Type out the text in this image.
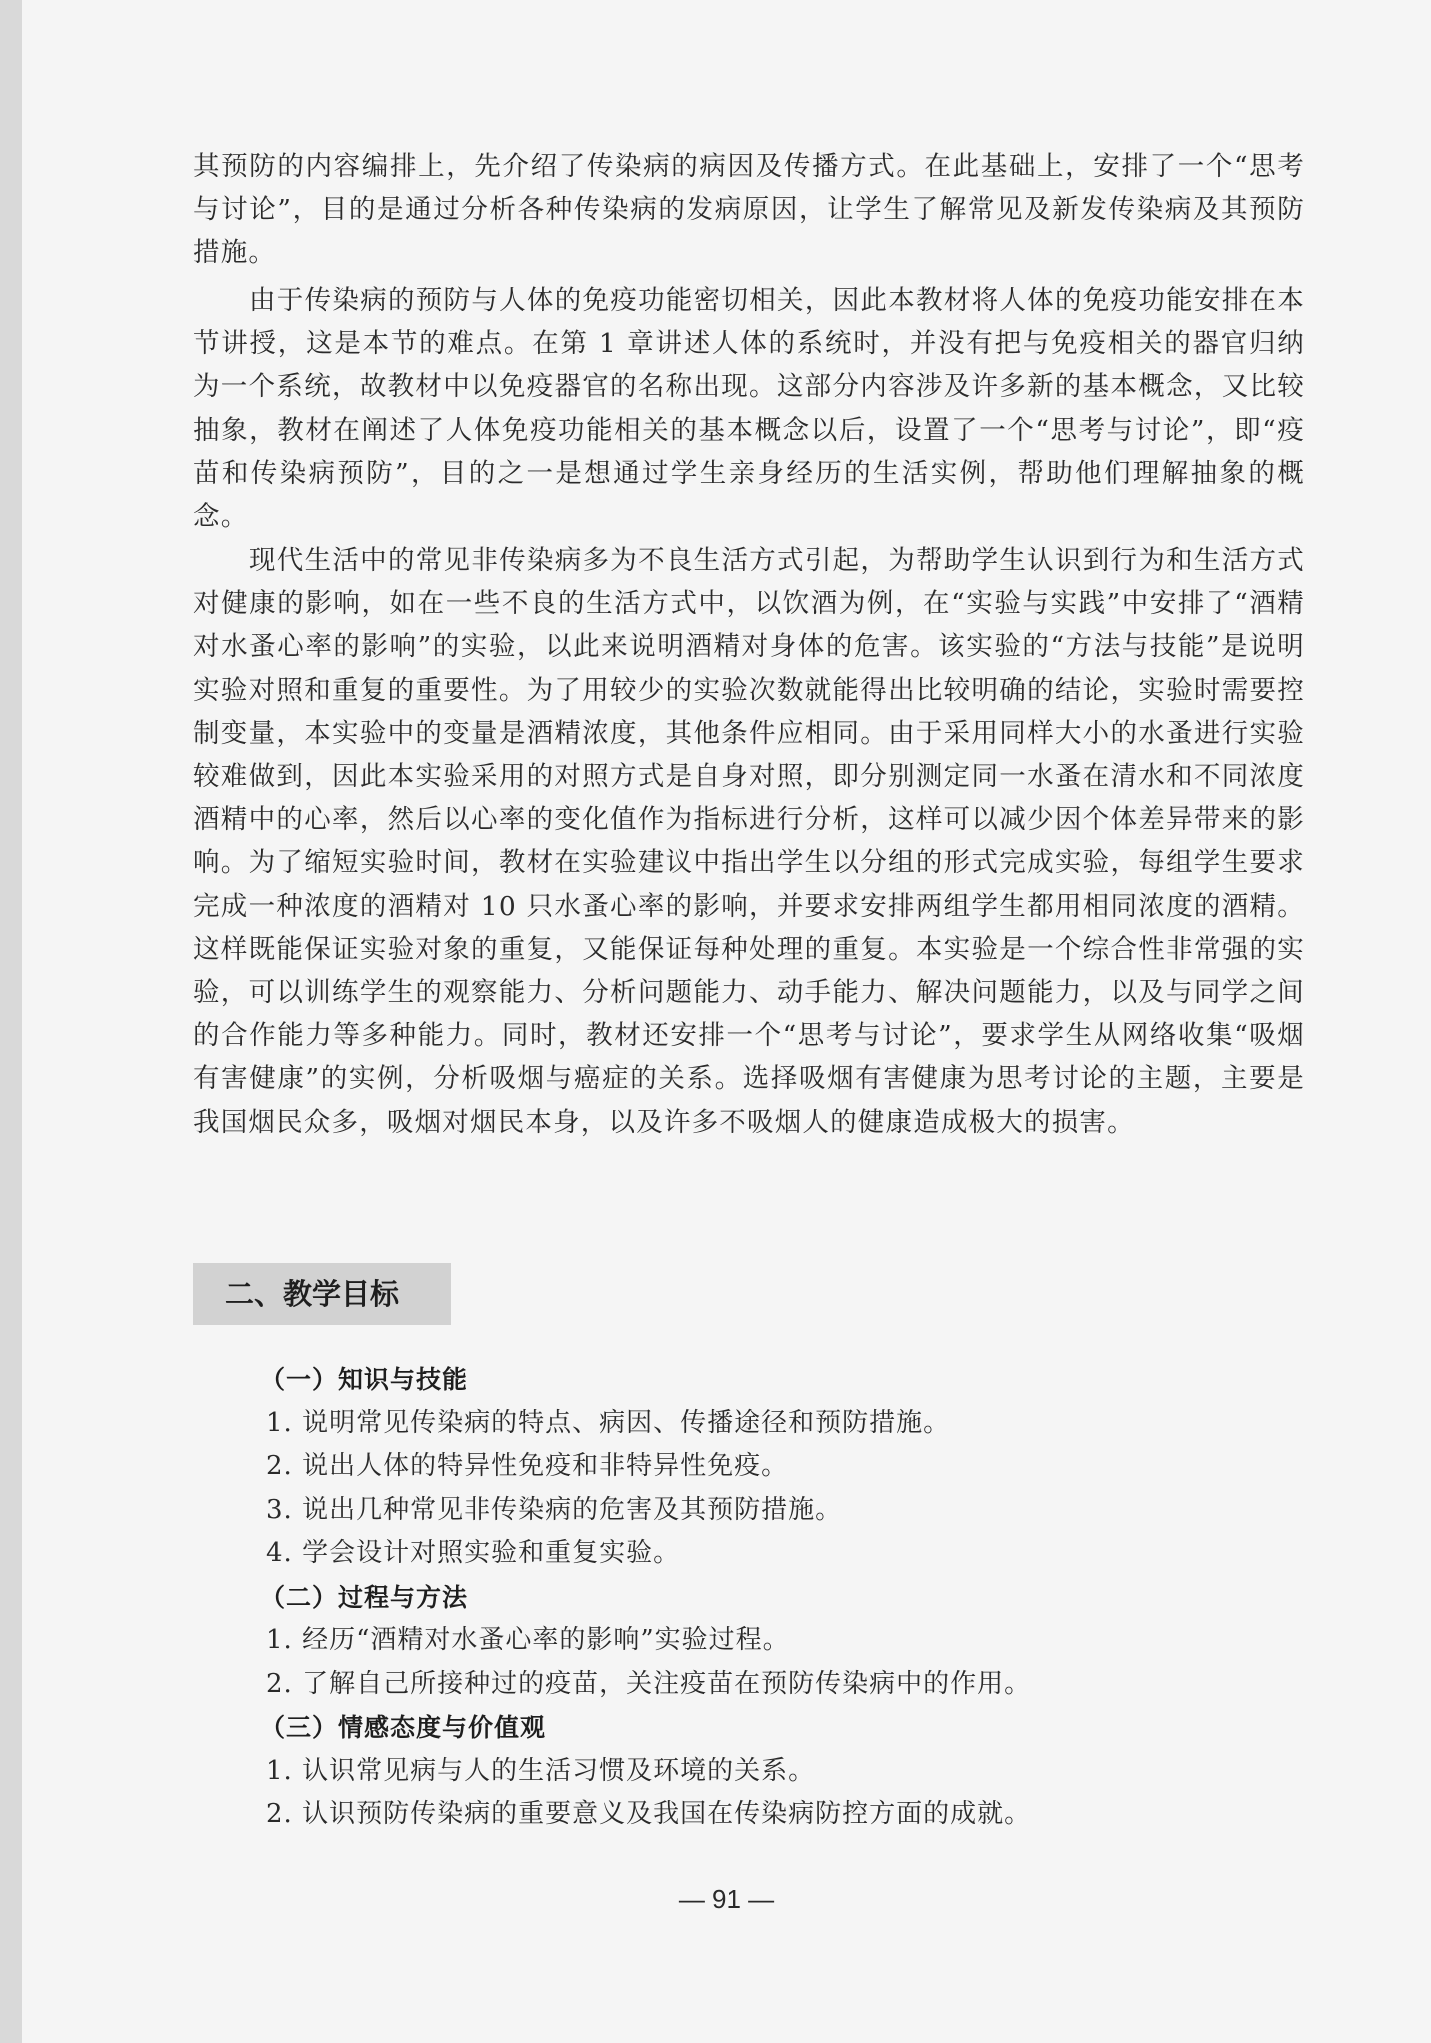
其预防的内容编排上，先介绍了传染病的病因及传播方式。在此基础上，安排了一个“思考与讨论”，目的是通过分析各种传染病的发病原因，让学生了解常见及新发传染病及其预防措施。

由于传染病的预防与人体的免疫功能密切相关，因此本教材将人体的免疫功能安排在本节讲授，这是本节的难点。在第 1 章讲述人体的系统时，并没有把与免疫相关的器官归纳为一个系统，故教材中以免疫器官的名称出现。这部分内容涉及许多新的基本概念，又比较抽象，教材在阐述了人体免疫功能相关的基本概念以后，设置了一个“思考与讨论”，即“疫苗和传染病预防”，目的之一是想通过学生亲身经历的生活实例，帮助他们理解抽象的概念。

现代生活中的常见非传染病多为不良生活方式引起，为帮助学生认识到行为和生活方式对健康的影响，如在一些不良的生活方式中，以饮酒为例，在“实验与实践”中安排了“酒精对水蚤心率的影响”的实验，以此来说明酒精对身体的危害。该实验的“方法与技能”是说明实验对照和重复的重要性。为了用较少的实验次数就能得出比较明确的结论，实验时需要控制变量，本实验中的变量是酒精浓度，其他条件应相同。由于采用同样大小的水蚤进行实验较难做到，因此本实验采用的对照方式是自身对照，即分别测定同一水蚤在清水和不同浓度酒精中的心率，然后以心率的变化值作为指标进行分析，这样可以减少因个体差异带来的影响。为了缩短实验时间，教材在实验建议中指出学生以分组的形式完成实验，每组学生要求完成一种浓度的酒精对 10 只水蚤心率的影响，并要求安排两组学生都用相同浓度的酒精。这样既能保证实验对象的重复，又能保证每种处理的重复。本实验是一个综合性非常强的实验，可以训练学生的观察能力、分析问题能力、动手能力、解决问题能力，以及与同学之间的合作能力等多种能力。同时，教材还安排一个“思考与讨论”，要求学生从网络收集“吸烟有害健康”的实例，分析吸烟与癌症的关系。选择吸烟有害健康为思考讨论的主题，主要是我国烟民众多，吸烟对烟民本身，以及许多不吸烟人的健康造成极大的损害。

二、教学目标
（一）知识与技能
1. 说明常见传染病的特点、病因、传播途径和预防措施。
2. 说出人体的特异性免疫和非特异性免疫。
3. 说出几种常见非传染病的危害及其预防措施。
4. 学会设计对照实验和重复实验。
（二）过程与方法
1. 经历“酒精对水蚤心率的影响”实验过程。
2. 了解自己所接种过的疫苗，关注疫苗在预防传染病中的作用。
（三）情感态度与价值观
1. 认识常见病与人的生活习惯及环境的关系。
2. 认识预防传染病的重要意义及我国在传染病防控方面的成就。
— 91 —
